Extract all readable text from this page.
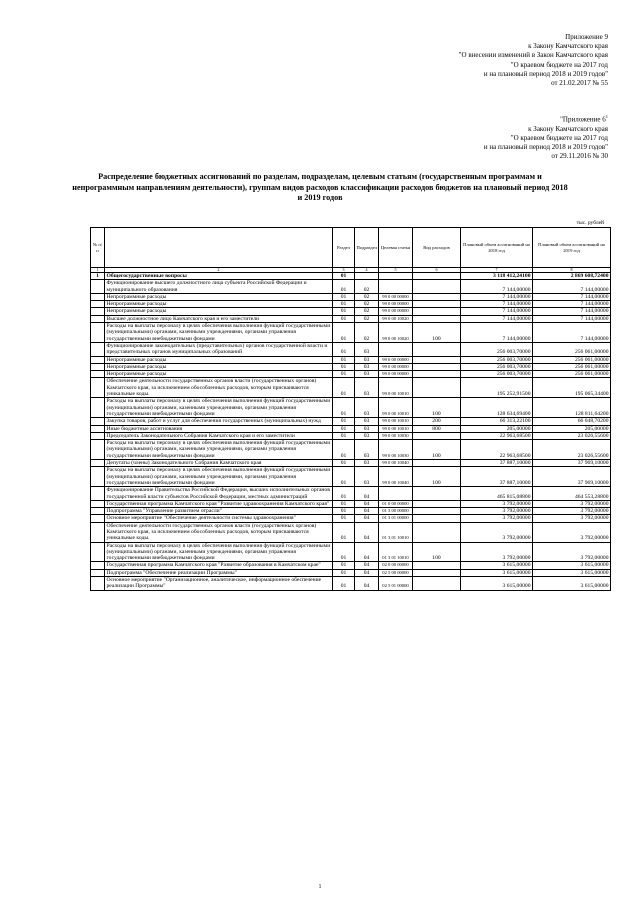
Приложение 9
к Закону Камчатского края
"О внесении изменений в Закон Камчатского края
"О краевом бюджете на 2017 год
и на плановый период 2018 и 2019 годов"
от 21.02.2017 № 55
"Приложение $6^1$
к Закону Камчатского края
"О краевом бюджете на 2017 год
и на плановый период 2018 и 2019 годов"
от 29.11.2016 № 30
Распределение бюджетных ассигнований по разделам, подразделам, целевым статьям (государственным программам и непрограммным направлениям деятельности), группам видов расходов классификации расходов бюджетов на плановый период 2018 и 2019 годов
тыс. рублей
№ п/п		Раздел	Подраздел	Целевая статья	Вид расходов	Плановый объем ассигнований на 2018 год	Плановый объем ассигнований на 2019 год
1	2	3	4	5	6	7	8
1	Общегосударственные вопросы	01				3 118 412,24100	2 869 608,72400
	Функционирование высшего должностного лица субъекта Российской Федерации и муниципального образования	01	02			7 144,00000	7 144,00000
	Непрограммные расходы	01	02	99 0 00 00000		7 144,00000	7 144,00000
	Непрограммные расходы	01	02	99 0 00 00000		7 144,00000	7 144,00000
	Непрограммные расходы	01	02	99 0 00 00000		7 144,00000	7 144,00000
	Высшее должностное лицо Камчатского края и его заместители	01	02	99 0 00 10020		7 144,00000	7 144,00000
	Расходы на выплаты персоналу в целях обеспечения выполнения функций государственными (муниципальными) органами, казенными учреждениями, органами управления государственными внебюджетными фондами	01	02	99 0 00 10020	100	7 144,00000	7 144,00000
	Функционирование законодательных (представительных) органов государственной власти и представительных органов муниципальных образований	01	03			256 003,70000	256 061,00000
	Непрограммные расходы	01	03	99 0 00 00000		256 003,70000	256 061,00000
	Непрограммные расходы	01	03	99 0 00 00000		256 003,70000	256 061,00000
	Непрограммные расходы	01	03	99 0 00 00000		256 003,70000	256 061,00000
	Обеспечение деятельности государственных органов власти (государственных органов) Камчатского края, за исключением обособленных расходов, которым присваиваются уникальные коды.	01	03	99 0 00 10010		195 252,91500	195 065,34400
	Расходы на выплаты персоналу в целях обеспечения выполнения функций государственными (муниципальными) органами, казенными учреждениями, органами управления государственными внебюджетными фондами	01	03	99 0 00 10010	100	128 634,69400	128 811,64200
	Закупка товаров, работ и услуг для обеспечения государственных (муниципальных) нужд	01	03	99 0 00 10010	200	66 313,22100	66 048,70200
	Иные бюджетные ассигнования	01	03	99 0 00 10010	800	205,00000	205,00000
	Председатель Законодательного Собрания Камчатского края и его заместители	01	03	99 0 00 10030		22 963,68500	23 026,55600
	Расходы на выплаты персоналу в целях обеспечения выполнения функций государственными (муниципальными) органами, казенными учреждениями, органами управления государственными внебюджетными фондами	01	03	99 0 00 10030	100	22 963,68500	23 026,55600
	Депутаты (члены) Законодательного Собрания Камчатского края	01	03	99 0 00 10040		37 887,10000	37 969,10000
	Расходы на выплаты персоналу в целях обеспечения выполнения функций государственными (муниципальными) органами, казенными учреждениями, органами управления государственными внебюджетными фондами	01	03	99 0 00 10040	100	37 887,10000	37 969,10000
	Функционирование Правительства Российской Федерации, высших исполнительных органов государственной власти субъектов Российской Федерации, местных администраций	01	04			465 815,08800	464 553,28800
	Государственная программа Камчатского края "Развитие здравоохранения Камчатского края"	01	04	01 0 00 00000		3 792,00000	3 792,00000
	Подпрограмма "Управление развитием отрасли"	01	04	01 3 00 00000		3 792,00000	3 792,00000
	Основное мероприятие "Обеспечение деятельности системы здравоохранения"	01	04	01 3 01 00000		3 792,00000	3 792,00000
	Обеспечение деятельности государственных органов власти (государственных органов) Камчатского края, за исключением обособленных расходов, которым присваиваются уникальные коды.	01	04	01 3 01 10010		3 792,00000	3 792,00000
	Расходы на выплаты персоналу в целях обеспечения выполнения функций государственными (муниципальными) органами, казенными учреждениями, органами управления государственными внебюджетными фондами	01	04	01 3 01 10010	100	3 792,00000	3 792,00000
	Государственная программа Камчатского края "Развитие образования в Камчатском крае"	01	04	02 0 00 00000		3 615,00000	3 615,00000
	Подпрограмма "Обеспечение реализации Программы"	01	04	02 5 00 00000		3 615,00000	3 615,00000
	Основное мероприятие "Организационное, аналитическое, информационное обеспечение реализации Программы"	01	04	02 5 01 00000		3 615,00000	3 615,00000
1
